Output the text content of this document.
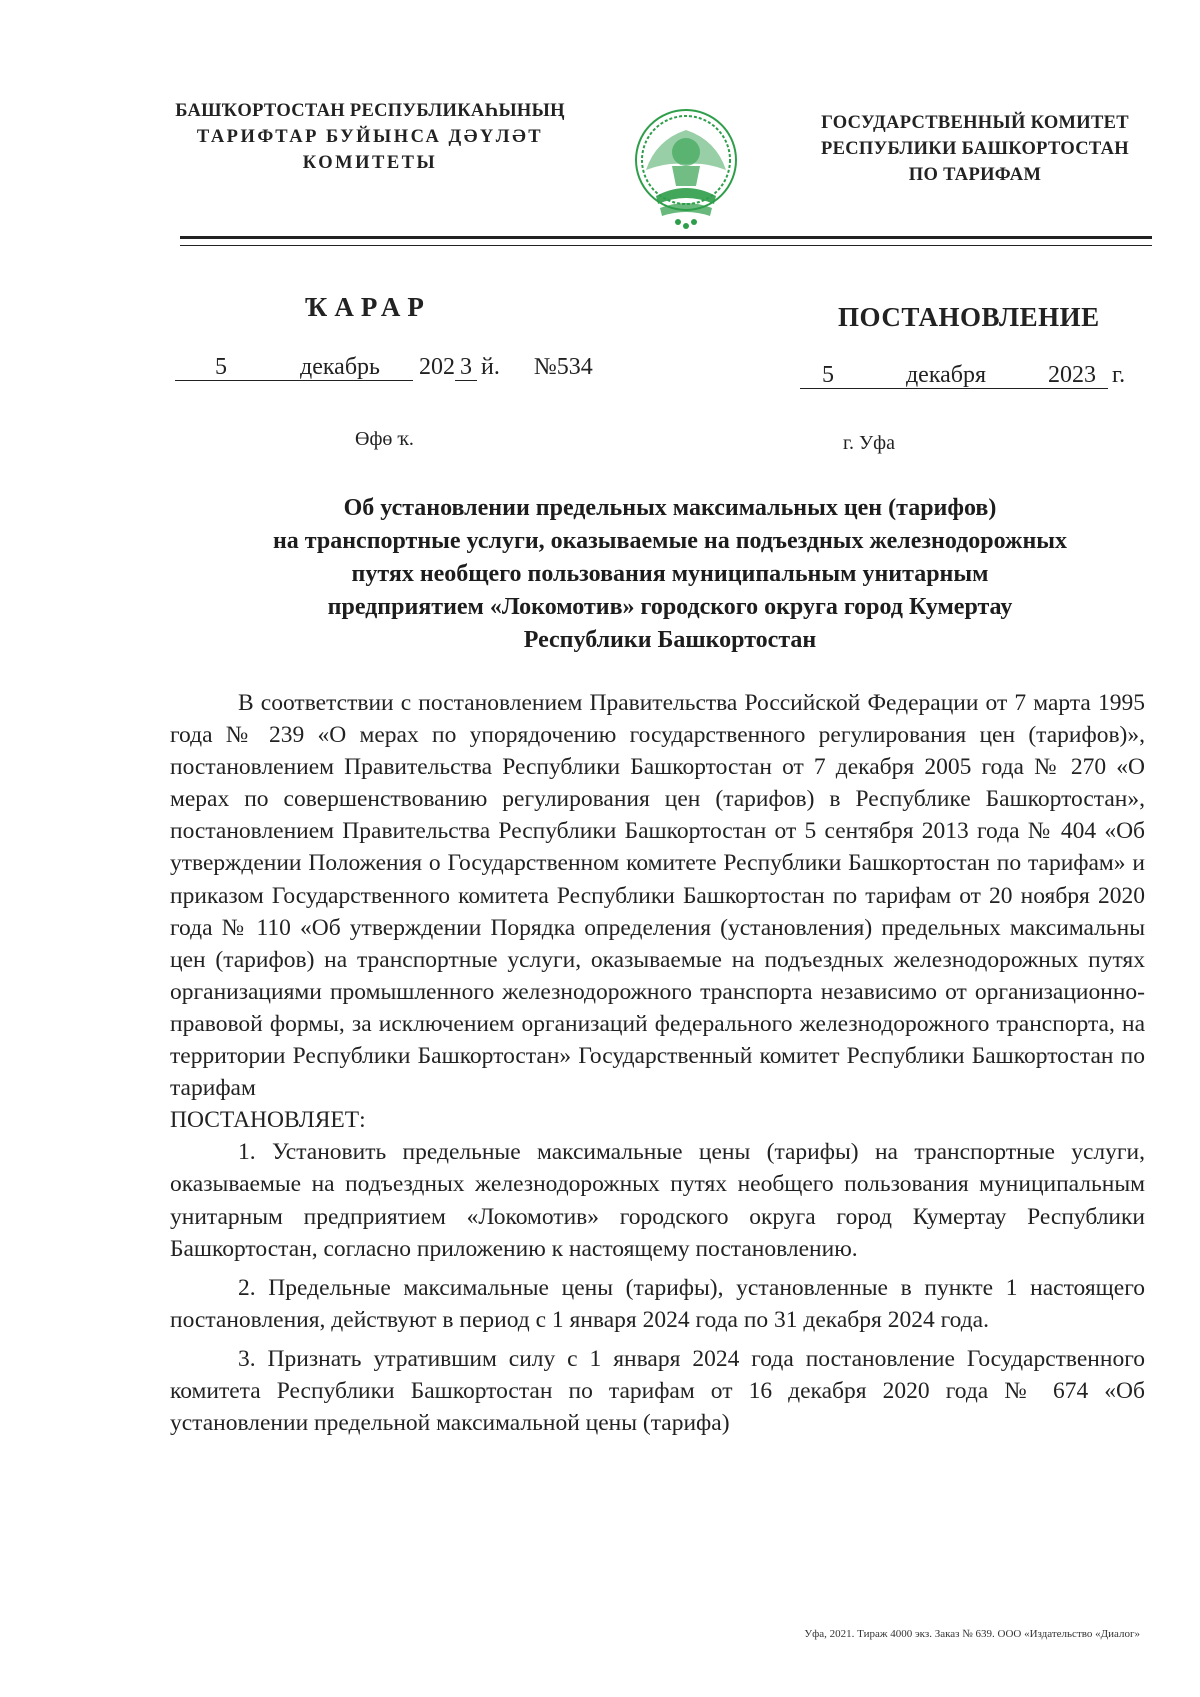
БАШҠОРТОСТАН РЕСПУБЛИКАҺЫНЫҢ
ТАРИФТАР БУЙЫНСА ДӘҮЛӘТ
КОМИТЕТЫ
ГОСУДАРСТВЕННЫЙ КОМИТЕТ
РЕСПУБЛИКИ БАШКОРТОСТАН
ПО ТАРИФАМ
ҠАРАР	ПОСТАНОВЛЕНИЕ
5	декабрь 202 3 й. №534	5	декабря	2023 г.
Өфө ҡ.	г. Уфа
Об установлении предельных максимальных цен (тарифов)
на транспортные услуги, оказываемые на подъездных железнодорожных
путях необщего пользования муниципальным унитарным
предприятием «Локомотив» городского округа город Кумертау
Республики Башкортостан

В соответствии с постановлением Правительства Российской Федерации от 7 марта 1995 года № 239 «О мерах по упорядочению государственного регулирования цен (тарифов)», постановлением Правительства Республики Башкортостан от 7 декабря 2005 года № 270 «О мерах по совершенствованию регулирования цен (тарифов) в Республике Башкортостан», постановлением Правительства Республики Башкортостан от 5 сентября 2013 года № 404 «Об утверждении Положения о Государственном комитете Республики Башкортостан по тарифам» и приказом Государственного комитета Республики Башкортостан по тарифам от 20 ноября 2020 года № 110 «Об утверждении Порядка определения (установления) предельных максимальны цен (тарифов) на транспортные услуги, оказываемые на подъездных железнодорожных путях организациями промышленного железнодорожного транспорта независимо от организационно-правовой формы, за исключением организаций федерального железнодорожного транспорта, на территории Республики Башкортостан» Государственный комитет Республики Башкортостан по тарифам

ПОСТАНОВЛЯЕТ:

1. Установить предельные максимальные цены (тарифы) на транспортные услуги, оказываемые на подъездных железнодорожных путях необщего пользования муниципальным унитарным предприятием «Локомотив» городского округа город Кумертау Республики Башкортостан, согласно приложению к настоящему постановлению.

2. Предельные максимальные цены (тарифы), установленные в пункте 1 настоящего постановления, действуют в период с 1 января 2024 года по 31 декабря 2024 года.

3. Признать утратившим силу с 1 января 2024 года постановление Государственного комитета Республики Башкортостан по тарифам от 16 декабря 2020 года № 674 «Об установлении предельной максимальной цены (тарифа)

Уфа, 2021. Тираж 4000 экз. Заказ № 639. ООО «Издательство «Диалог»
